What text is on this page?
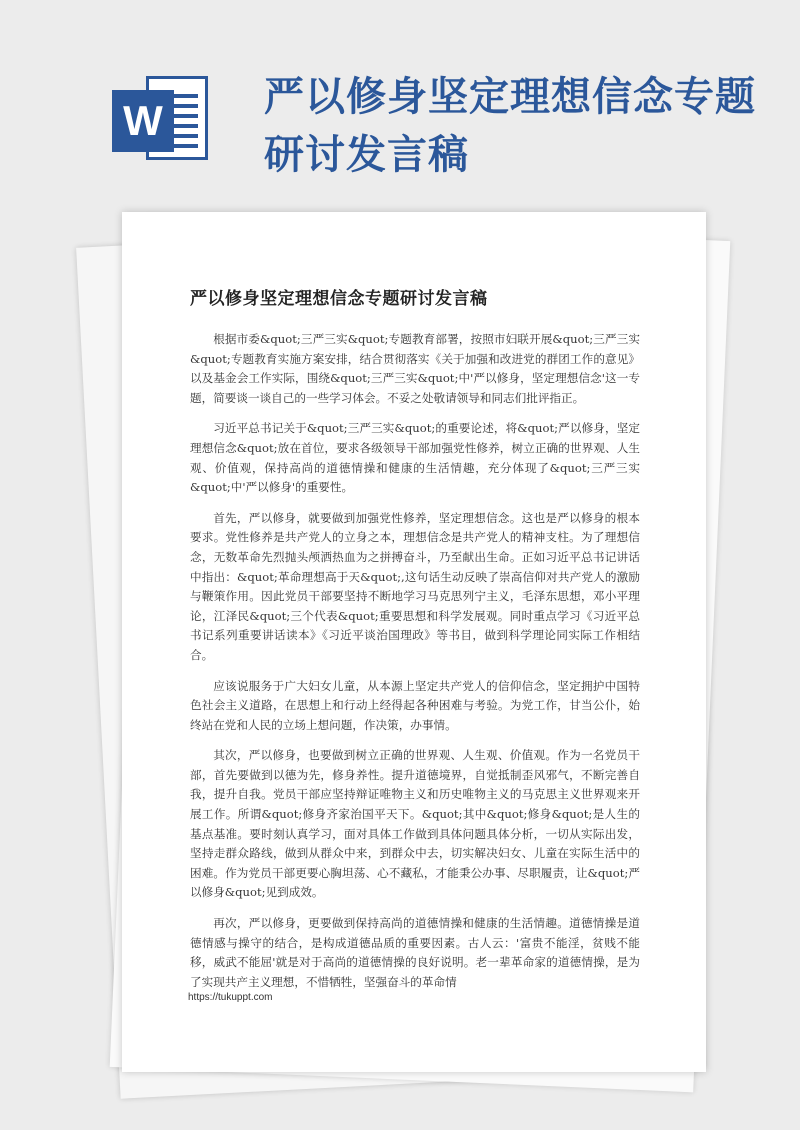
W	严以修身坚定理想信念专题研讨发言稿
严以修身坚定理想信念专题研讨发言稿

根据市委&quot;三严三实&quot;专题教育部署，按照市妇联开展&quot;三严三实&quot;专题教育实施方案安排，结合贯彻落实《关于加强和改进党的群团工作的意见》以及基金会工作实际，围绕&quot;三严三实&quot;中'严以修身，坚定理想信念'这一专题，简要谈一谈自己的一些学习体会。不妥之处敬请领导和同志们批评指正。

习近平总书记关于&quot;三严三实&quot;的重要论述，将&quot;严以修身，坚定理想信念&quot;放在首位，要求各级领导干部加强党性修养，树立正确的世界观、人生观、价值观，保持高尚的道德情操和健康的生活情趣，充分体现了&quot;三严三实&quot;中'严以修身'的重要性。

首先，严以修身，就要做到加强党性修养，坚定理想信念。这也是严以修身的根本要求。党性修养是共产党人的立身之本，理想信念是共产党人的精神支柱。为了理想信念，无数革命先烈抛头颅洒热血为之拼搏奋斗，乃至献出生命。正如习近平总书记讲话中指出：&quot;革命理想高于天&quot;,这句话生动反映了崇高信仰对共产党人的激励与鞭策作用。因此党员干部要坚持不断地学习马克思列宁主义，毛泽东思想，邓小平理论，江泽民&quot;三个代表&quot;重要思想和科学发展观。同时重点学习《习近平总书记系列重要讲话读本》《习近平谈治国理政》等书目，做到科学理论同实际工作相结合。

应该说服务于广大妇女儿童，从本源上坚定共产党人的信仰信念，坚定拥护中国特色社会主义道路，在思想上和行动上经得起各种困难与考验。为党工作，甘当公仆，始终站在党和人民的立场上想问题，作决策，办事情。

其次，严以修身，也要做到树立正确的世界观、人生观、价值观。作为一名党员干部，首先要做到以德为先，修身养性。提升道德境界，自觉抵制歪风邪气，不断完善自我，提升自我。党员干部应坚持辩证唯物主义和历史唯物主义的马克思主义世界观来开展工作。所谓&quot;修身齐家治国平天下。&quot;其中&quot;修身&quot;是人生的基点基准。要时刻认真学习，面对具体工作做到具体问题具体分析，一切从实际出发，坚持走群众路线，做到从群众中来，到群众中去，切实解决妇女、儿童在实际生活中的困难。作为党员干部更要心胸坦荡、心不藏私，才能秉公办事、尽职履责，让&quot;严以修身&quot;见到成效。

再次，严以修身，更要做到保持高尚的道德情操和健康的生活情趣。道德情操是道德情感与操守的结合，是构成道德品质的重要因素。古人云：'富贵不能淫，贫贱不能移，威武不能屈'就是对于高尚的道德情操的良好说明。老一辈革命家的道德情操，是为了实现共产主义理想，不惜牺牲，坚强奋斗的革命情

https://tukuppt.com
